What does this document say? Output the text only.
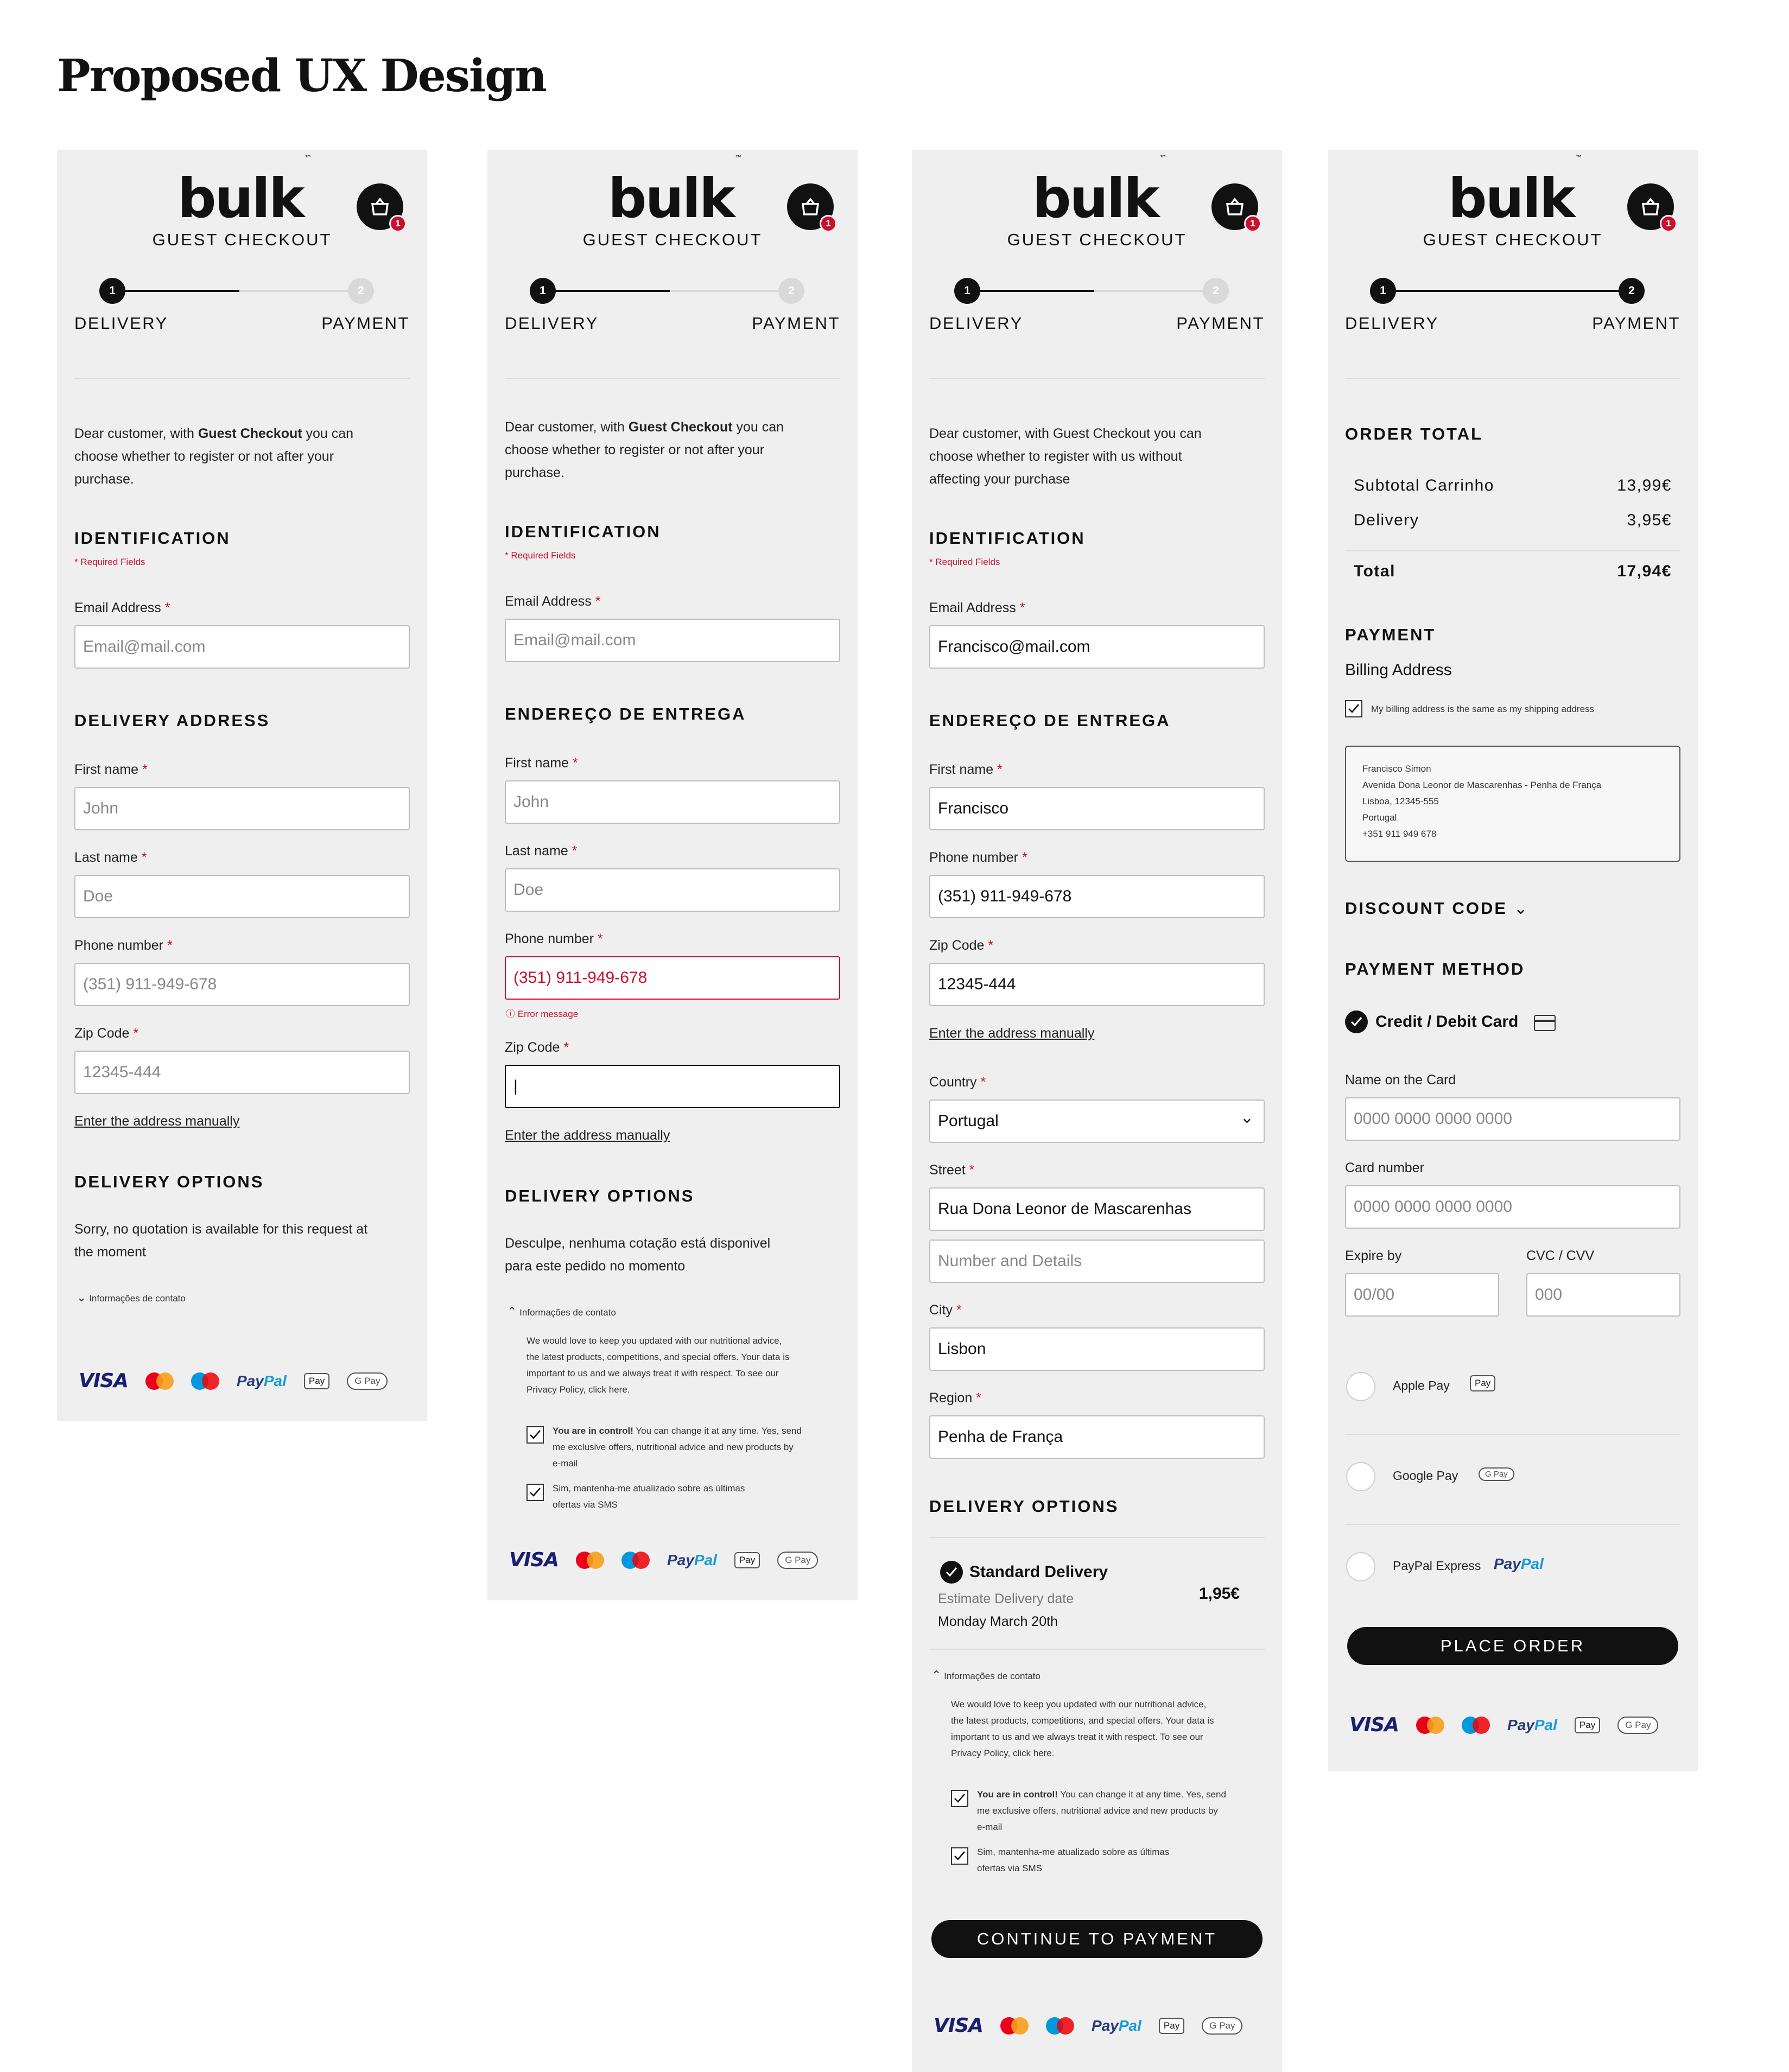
Proposed UX Design
bulk™
GUEST CHECKOUT
1
1	2
DELIVERY	PAYMENT
Dear customer, with Guest Checkout you can
choose whether to register or not after your
purchase.
IDENTIFICATION
* Required Fields
Email Address *
Email@mail.com
DELIVERY ADDRESS
First name *
John
Last name *
Doe
Phone number *
(351) 911-949-678
Zip Code *
12345-444
Enter the address manually
DELIVERY OPTIONS
Sorry, no quotation is available for this request at
the moment
⌄ Informações de contato
VISA	PayPal	Pay	G Pay
bulk™
GUEST CHECKOUT
1
1	2
DELIVERY	PAYMENT
Dear customer, with Guest Checkout you can
choose whether to register or not after your
purchase.
IDENTIFICATION
* Required Fields
Email Address *
Email@mail.com
ENDEREÇO DE ENTREGA
First name *
John
Last name *
Doe
Phone number *
(351) 911-949-678
ⓘ Error message
Zip Code *
|
Enter the address manually
DELIVERY OPTIONS
Desculpe, nenhuma cotação está disponivel
para este pedido no momento
⌃ Informações de contato
We would love to keep you updated with our nutritional advice,
the latest products, competitions, and special offers. Your data is
important to us and we always treat it with respect. To see our
Privacy Policy, click here.
You are in control! You can change it at any time. Yes, send
me exclusive offers, nutritional advice and new products by
e-mail
Sim, mantenha-me atualizado sobre as últimas
ofertas via SMS
VISA	PayPal	Pay	G Pay
bulk™
GUEST CHECKOUT
1
1	2
DELIVERY	PAYMENT
Dear customer, with Guest Checkout you can
choose whether to register with us without
affecting your purchase
IDENTIFICATION
* Required Fields
Email Address *
Francisco@mail.com
ENDEREÇO DE ENTREGA
First name *
Francisco
Phone number *
(351) 911-949-678
Zip Code *
12345-444
Enter the address manually
Country *
Portugal	⌄
Street *
Rua Dona Leonor de Mascarenhas
Number and Details
City *
Lisbon
Region *
Penha de França
DELIVERY OPTIONS
Standard Delivery
Estimate Delivery date
Monday March 20th
1,95€
⌃ Informações de contato
We would love to keep you updated with our nutritional advice,
the latest products, competitions, and special offers. Your data is
important to us and we always treat it with respect. To see our
Privacy Policy, click here.
You are in control! You can change it at any time. Yes, send
me exclusive offers, nutritional advice and new products by
e-mail
Sim, mantenha-me atualizado sobre as últimas
ofertas via SMS
CONTINUE TO PAYMENT
VISA	PayPal	Pay	G Pay
bulk™
GUEST CHECKOUT
1
1	2
DELIVERY	PAYMENT
ORDER TOTAL
Subtotal Carrinho	13,99€
Delivery	3,95€
Total	17,94€
PAYMENT
Billing Address
My billing address is the same as my shipping address
Francisco Simon
Avenida Dona Leonor de Mascarenhas - Penha de França
Lisboa, 12345-555
Portugal
+351 911 949 678
DISCOUNT CODE ⌄
PAYMENT METHOD
Credit / Debit Card
Name on the Card
0000 0000 0000 0000
Card number
0000 0000 0000 0000
Expire by
00/00
CVC / CVV
000
Apple Pay	Pay
Google Pay	G Pay
PayPal Express PayPal
PLACE ORDER
VISA	PayPal	Pay	G Pay
